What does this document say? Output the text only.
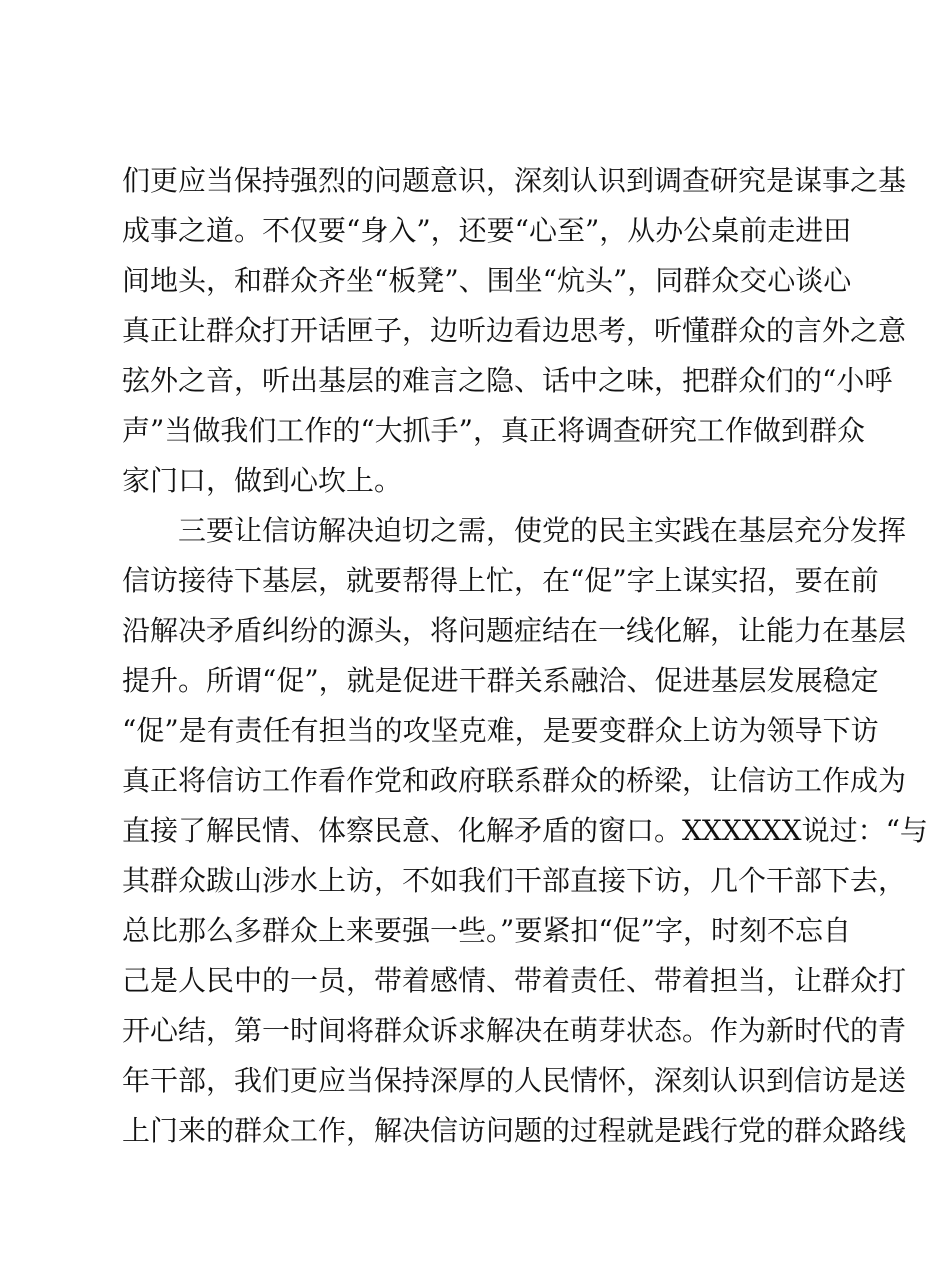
们更应当保持强烈的问题意识，深刻认识到调查研究是谋事之基
成事之道。不仅要“身入”，还要“心至”，从办公桌前走进田
间地头，和群众齐坐“板凳”、围坐“炕头”，同群众交心谈心
真正让群众打开话匣子，边听边看边思考，听懂群众的言外之意
弦外之音，听出基层的难言之隐、话中之味，把群众们的“小呼
声”当做我们工作的“大抓手”，真正将调查研究工作做到群众
家门口，做到心坎上。
三要让信访解决迫切之需，使党的民主实践在基层充分发挥
信访接待下基层，就要帮得上忙，在“促”字上谋实招，要在前
沿解决矛盾纠纷的源头，将问题症结在一线化解，让能力在基层
提升。所谓“促”，就是促进干群关系融洽、促进基层发展稳定
“促”是有责任有担当的攻坚克难，是要变群众上访为领导下访
真正将信访工作看作党和政府联系群众的桥梁，让信访工作成为
直接了解民情、体察民意、化解矛盾的窗口。XXXXXX说过：“与
其群众跋山涉水上访，不如我们干部直接下访，几个干部下去，
总比那么多群众上来要强一些。”要紧扣“促”字，时刻不忘自
己是人民中的一员，带着感情、带着责任、带着担当，让群众打
开心结，第一时间将群众诉求解决在萌芽状态。作为新时代的青
年干部，我们更应当保持深厚的人民情怀，深刻认识到信访是送
上门来的群众工作，解决信访问题的过程就是践行党的群众路线
